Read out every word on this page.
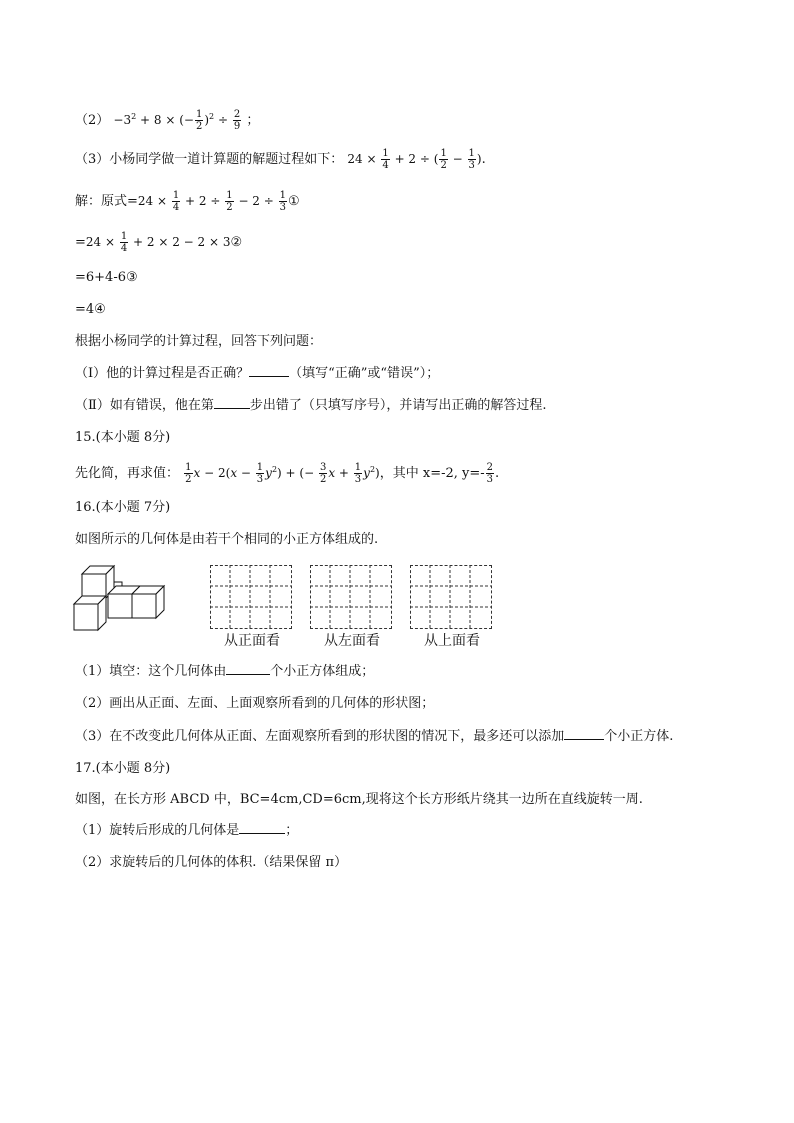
$(2) -3^2 + 8$ × (− $\frac{1}{2} )^2 \div \frac{2}{9}$ ；
（3）小杨同学做一道计算题的解题过程如下： $24 \times \frac{1}{4} + 2$ ÷ ( $\frac{1}{2} - \frac{1}{3}$ ).
解：原式$=24 \times \frac{1}{4} + 2 \div \frac{1}{2} - 2 \div \frac{1}{3}$ ①
$=24 \times \frac{1}{4} + 2 \times 2 - 2$ × 3②
=6+4-6③
=4④
根据小杨同学的计算过程，回答下列问题：
（Ⅰ）他的计算过程是否正确？	（填写“正确”或“错误”）；
（Ⅱ）如有错误，他在第	步出错了（只填写序号），并请写出正确的解答过程.
15.(本小题 8分)
先化简，再求值： $\frac{1}{2}$ $x - 2(x - \frac{1}{3} y^2)$ + (− $\frac{3}{2}$ $x + \frac{1}{3} y^2$)，其中 x=-2, $y=- \frac{2}{3}$ .
16.(本小题 7分)
如图所示的几何体是由若干个相同的小正方体组成的.
从正面看	从左面看	从上面看
（1）填空：这个几何体由	个小正方体组成；
（2）画出从正面、左面、上面观察所看到的几何体的形状图；
（3）在不改变此几何体从正面、左面观察所看到的形状图的情况下，最多还可以添加	个小正方体.
17.(本小题 8分)
如图，在长方形 ABCD 中，BC=4cm,CD=6cm,现将这个长方形纸片绕其一边所在直线旋转一周.
（1）旋转后形成的几何体是	；
（2）求旋转后的几何体的体积.（结果保留 π）
